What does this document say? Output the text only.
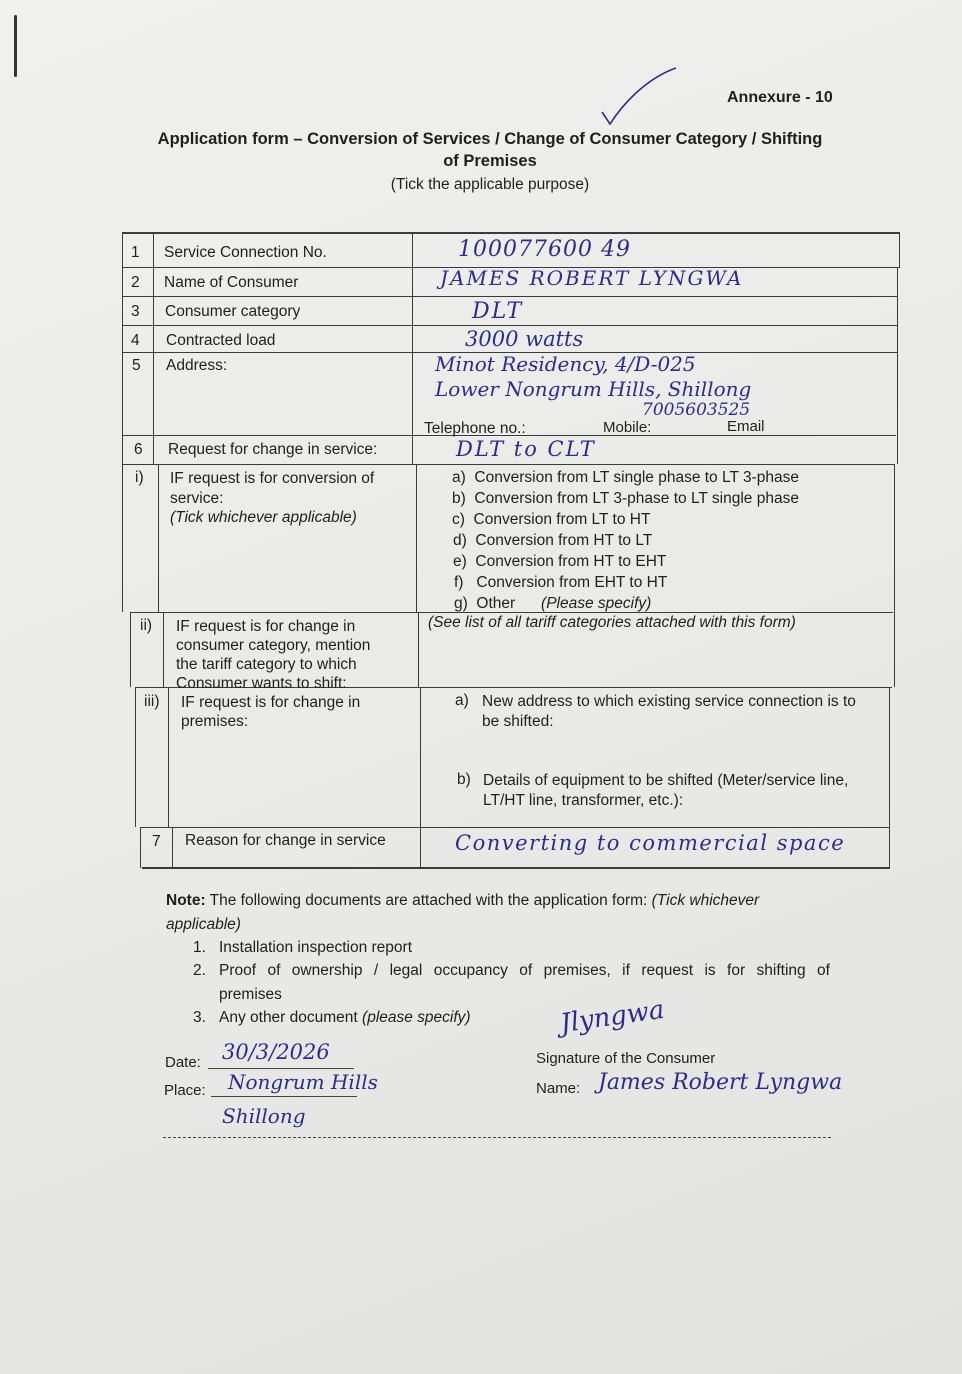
Annexure - 10
Application form – Conversion of Services / Change of Consumer Category / Shifting
of Premises
(Tick the applicable purpose)
1 Service Connection No.	100077600 49
2 Name of Consumer	JAMES ROBERT LYNGWA
3 Consumer category	DLT
4 Contracted load	3000 watts
5 Address:	Minot Residency, 4/D-025
Lower Nongrum Hills, Shillong
7005603525
Telephone no.:	Mobile:	Email
6 Request for change in service:	DLT to CLT
i) IF request is for conversion of
service:
(Tick whichever applicable)
a) Conversion from LT single phase to LT 3-phase
b) Conversion from LT 3-phase to LT single phase
c) Conversion from LT to HT
d) Conversion from HT to LT
e) Conversion from HT to EHT
f) Conversion from EHT to HT
g) Other (Please specify)
ii) IF request is for change in
consumer category, mention
the tariff category to which
Consumer wants to shift:
(See list of all tariff categories attached with this form)
iii) IF request is for change in
premises:
a) New address to which existing service connection is to
be shifted:
b) Details of equipment to be shifted (Meter/service line,
LT/HT line, transformer, etc.):
7 Reason for change in service	Converting to commercial space
Note: The following documents are attached with the application form: (Tick whichever
applicable)
1. Installation inspection report
2. Proof of ownership / legal occupancy of premises, if request is for shifting of
premises
3. Any other document (please specify)
Date: 30/3/2026
Place: Nongrum Hills
Shillong
Jlyngwa
Signature of the Consumer
Name: James Robert Lyngwa
